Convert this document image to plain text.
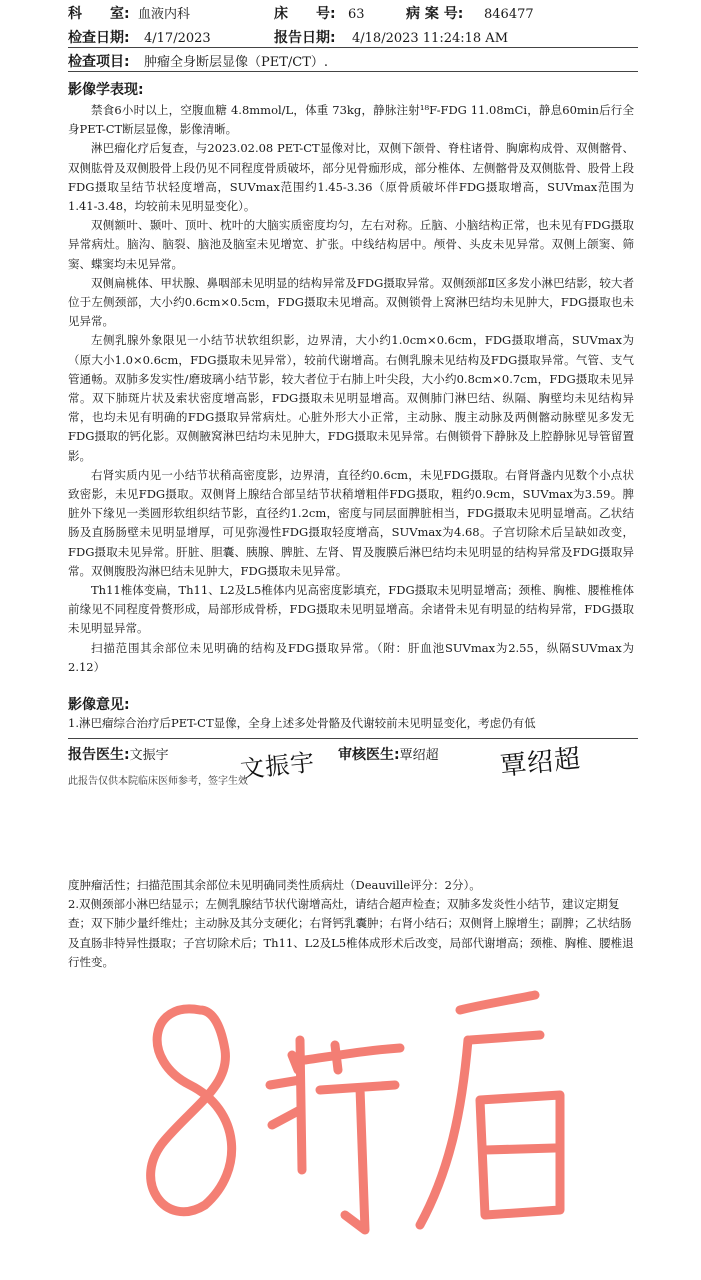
科　　室: 血液内科	床　　号: 63	病 案 号: 846477
检查日期: 4/17/2023	报告日期: 4/18/2023 11:24:18 AM
检查项目: 肿瘤全身断层显像（PET/CT）.
影像学表现:

禁食6小时以上，空腹血糖 4.8mmol/L，体重 73kg，静脉注射¹⁸F-FDG 11.08mCi，静息60min后行全身PET-CT断层显像，影像清晰。

淋巴瘤化疗后复查，与2023.02.08 PET-CT显像对比，双侧下颌骨、脊柱诸骨、胸廓构成骨、双侧髂骨、双侧肱骨及双侧股骨上段仍见不同程度骨质破坏，部分见骨痂形成，部分椎体、左侧髂骨及双侧肱骨、股骨上段FDG摄取呈结节状轻度增高，SUVmax范围约1.45-3.36（原骨质破坏伴FDG摄取增高，SUVmax范围为1.41-3.48，均较前未见明显变化）。

双侧额叶、颞叶、顶叶、枕叶的大脑实质密度均匀，左右对称。丘脑、小脑结构正常，也未见有FDG摄取异常病灶。脑沟、脑裂、脑池及脑室未见增宽、扩张。中线结构居中。颅骨、头皮未见异常。双侧上颌窦、筛窦、蝶窦均未见异常。

双侧扁桃体、甲状腺、鼻咽部未见明显的结构异常及FDG摄取异常。双侧颈部Ⅱ区多发小淋巴结影，较大者位于左侧颈部，大小约0.6cm×0.5cm，FDG摄取未见增高。双侧锁骨上窝淋巴结均未见肿大，FDG摄取也未见异常。

左侧乳腺外象限见一小结节状软组织影，边界清，大小约1.0cm×0.6cm，FDG摄取增高，SUVmax为（原大小1.0×0.6cm，FDG摄取未见异常），较前代谢增高。右侧乳腺未见结构及FDG摄取异常。气管、支气管通畅。双肺多发实性/磨玻璃小结节影，较大者位于右肺上叶尖段，大小约0.8cm×0.7cm，FDG摄取未见异常。双下肺斑片状及索状密度增高影，FDG摄取未见明显增高。双侧肺门淋巴结、纵隔、胸壁均未见结构异常，也均未见有明确的FDG摄取异常病灶。心脏外形大小正常，主动脉、腹主动脉及两侧髂动脉壁见多发无FDG摄取的钙化影。双侧腋窝淋巴结均未见肿大，FDG摄取未见异常。右侧锁骨下静脉及上腔静脉见导管留置影。

右肾实质内见一小结节状稍高密度影，边界清，直径约0.6cm，未见FDG摄取。右肾肾盏内见数个小点状致密影，未见FDG摄取。双侧肾上腺结合部呈结节状稍增粗伴FDG摄取，粗约0.9cm，SUVmax为3.59。脾脏外下缘见一类圆形软组织结节影，直径约1.2cm，密度与同层面脾脏相当，FDG摄取未见明显增高。乙状结肠及直肠肠壁未见明显增厚，可见弥漫性FDG摄取轻度增高，SUVmax为4.68。子宫切除术后呈缺如改变，FDG摄取未见异常。肝脏、胆囊、胰腺、脾脏、左肾、胃及腹膜后淋巴结均未见明显的结构异常及FDG摄取异常。双侧腹股沟淋巴结未见肿大，FDG摄取未见异常。

Th11椎体变扁，Th11、L2及L5椎体内见高密度影填充，FDG摄取未见明显增高；颈椎、胸椎、腰椎椎体前缘见不同程度骨赘形成，局部形成骨桥，FDG摄取未见明显增高。余诸骨未见有明显的结构异常，FDG摄取未见明显异常。

扫描范围其余部位未见明确的结构及FDG摄取异常。（附：肝血池SUVmax为2.55，纵隔SUVmax为2.12）

影像意见:

1.淋巴瘤综合治疗后PET-CT显像，全身上述多处骨骼及代谢较前未见明显变化，考虑仍有低

报告医生:文振宇	文振宇 审核医生:覃绍超 覃绍超
此报告仅供本院临床医师参考，签字生效

度肿瘤活性；扫描范围其余部位未见明确同类性质病灶（Deauville评分：2分）。

2.双侧颈部小淋巴结显示；左侧乳腺结节状代谢增高灶，请结合超声检查；双肺多发炎性小结节，建议定期复查；双下肺少量纤维灶；主动脉及其分支硬化；右肾钙乳囊肿；右肾小结石；双侧肾上腺增生；副脾；乙状结肠及直肠非特异性摄取；子宫切除术后；Th11、L2及L5椎体成形术后改变，局部代谢增高；颈椎、胸椎、腰椎退行性变。
